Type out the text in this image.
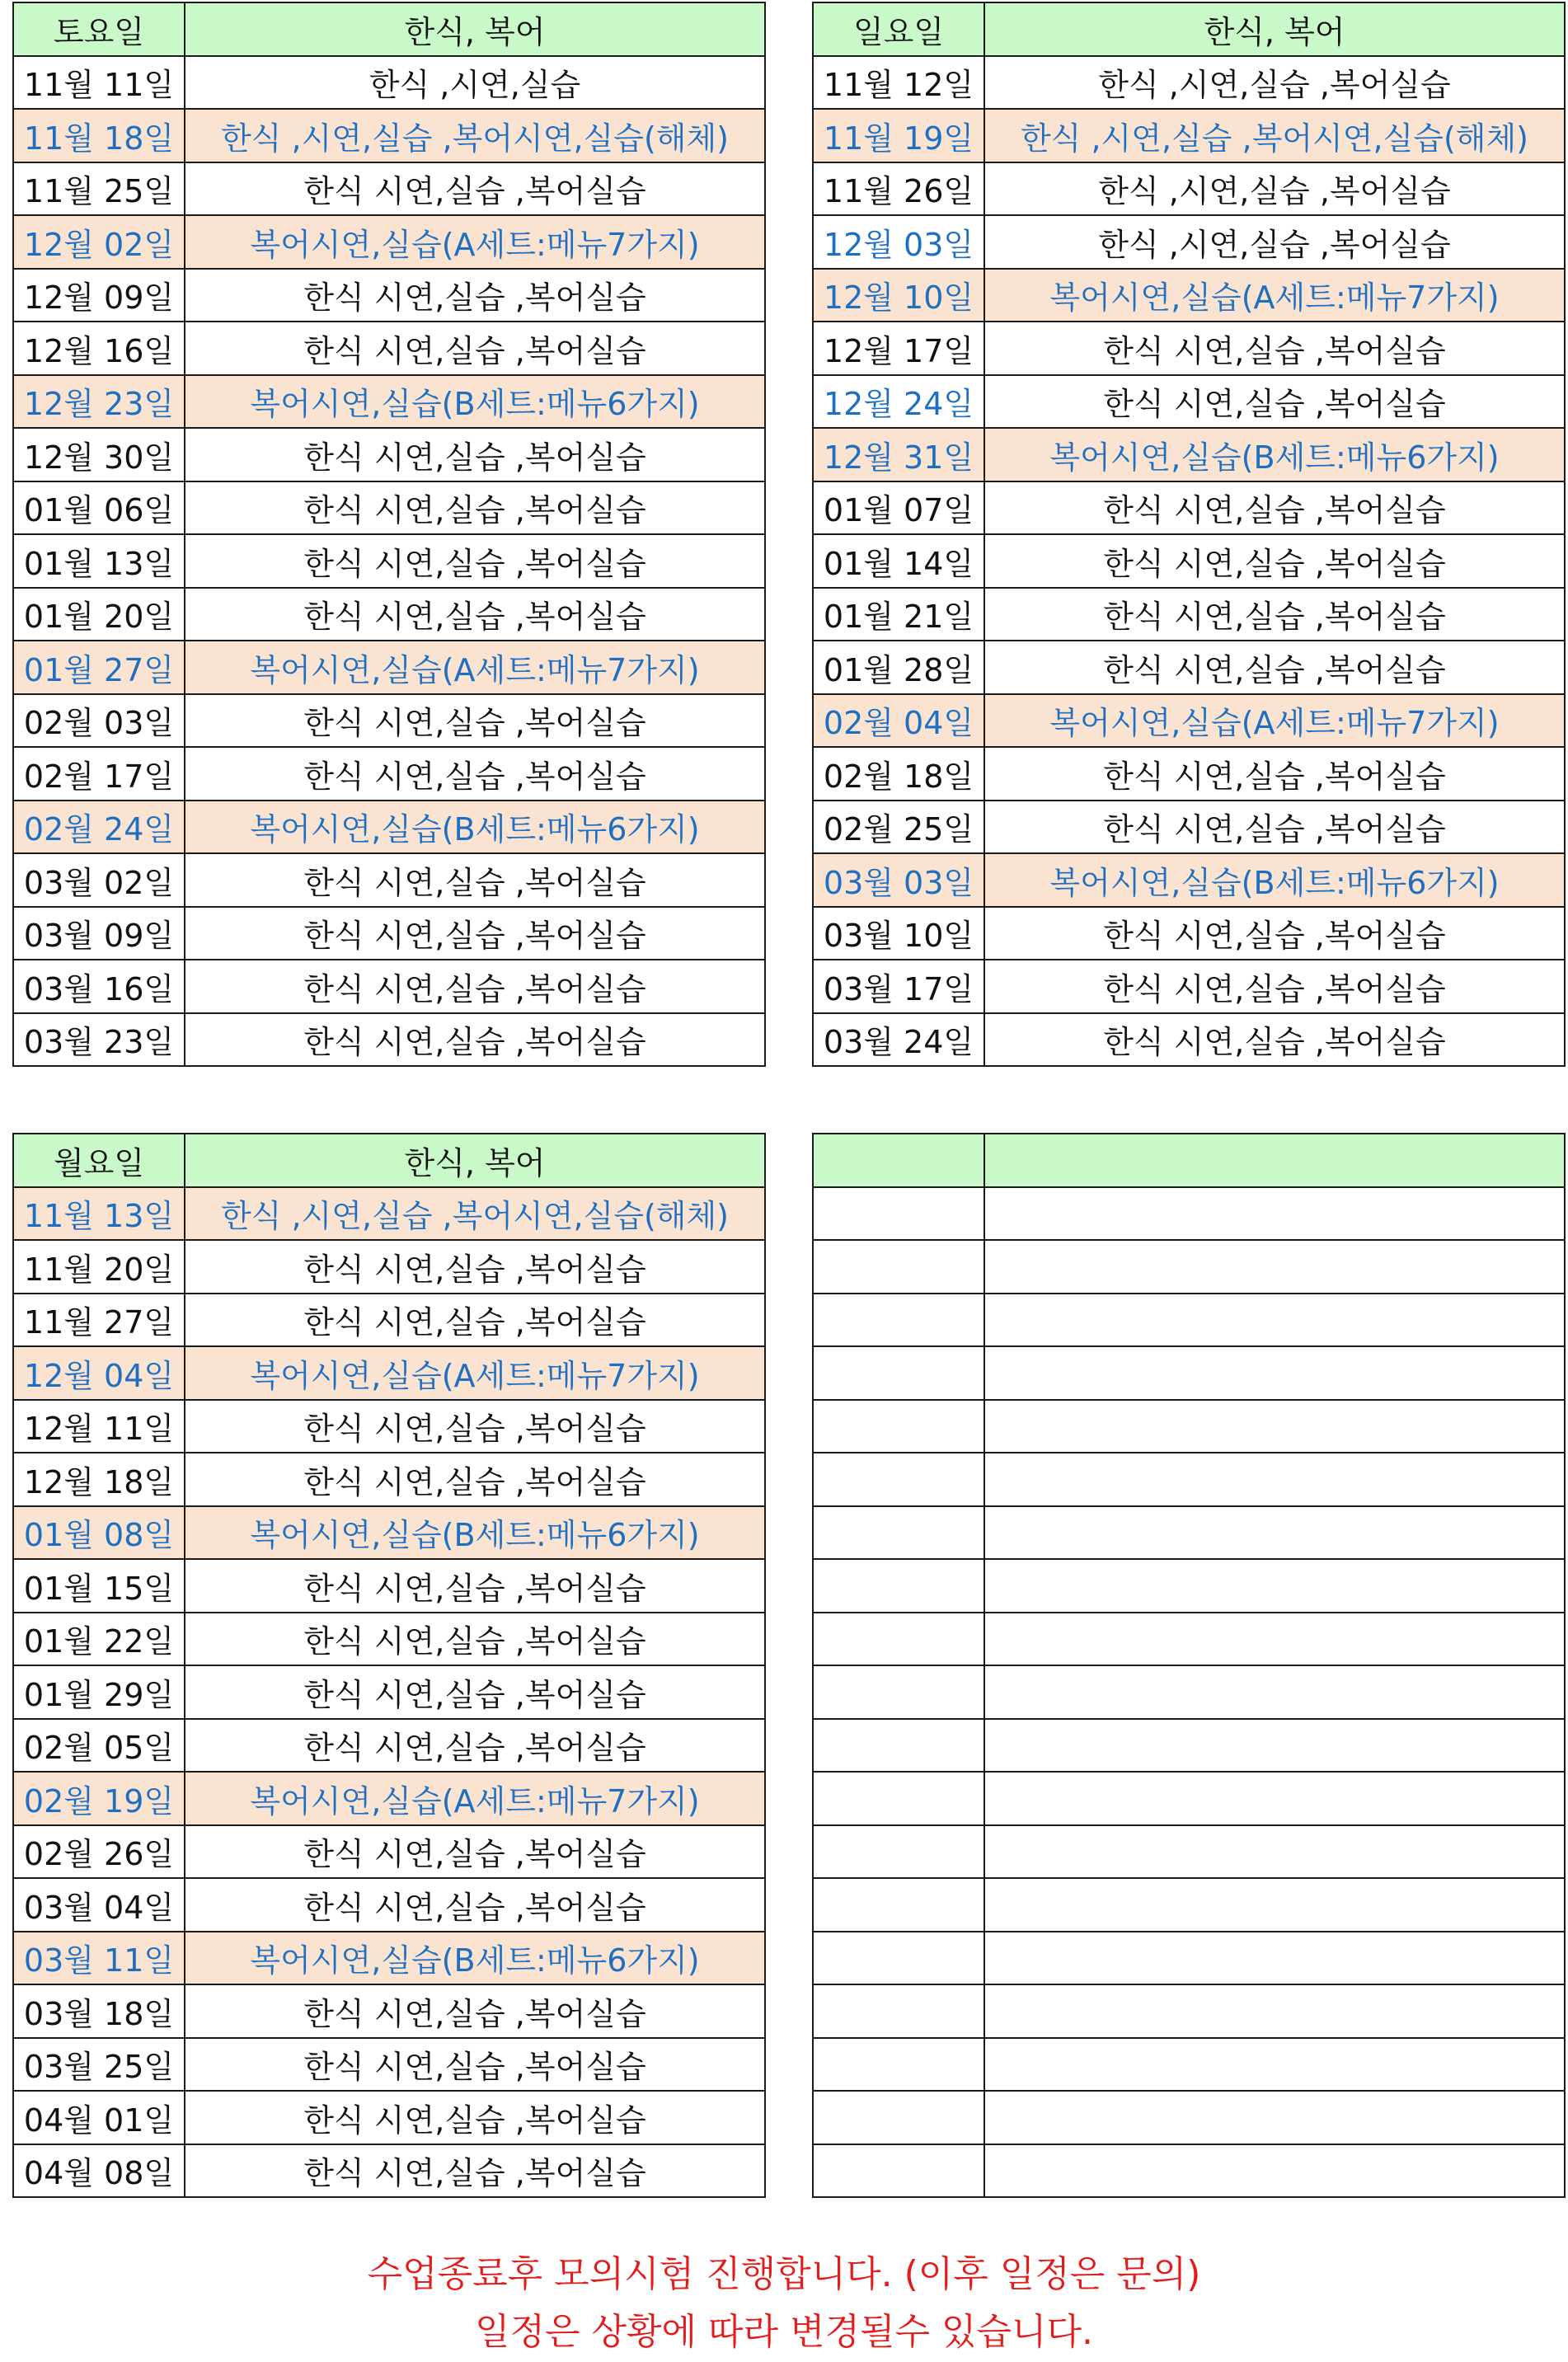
토요일	한식, 복어
11월 11일	한식 ,시연,실습
11월 18일	한식 ,시연,실습 ,복어시연,실습(해체)
11월 25일	한식 시연,실습 ,복어실습
12월 02일	복어시연,실습(A세트:메뉴7가지)
12월 09일	한식 시연,실습 ,복어실습
12월 16일	한식 시연,실습 ,복어실습
12월 23일	복어시연,실습(B세트:메뉴6가지)
12월 30일	한식 시연,실습 ,복어실습
01월 06일	한식 시연,실습 ,복어실습
01월 13일	한식 시연,실습 ,복어실습
01월 20일	한식 시연,실습 ,복어실습
01월 27일	복어시연,실습(A세트:메뉴7가지)
02월 03일	한식 시연,실습 ,복어실습
02월 17일	한식 시연,실습 ,복어실습
02월 24일	복어시연,실습(B세트:메뉴6가지)
03월 02일	한식 시연,실습 ,복어실습
03월 09일	한식 시연,실습 ,복어실습
03월 16일	한식 시연,실습 ,복어실습
03월 23일	한식 시연,실습 ,복어실습
일요일	한식, 복어
11월 12일	한식 ,시연,실습 ,복어실습
11월 19일	한식 ,시연,실습 ,복어시연,실습(해체)
11월 26일	한식 ,시연,실습 ,복어실습
12월 03일	한식 ,시연,실습 ,복어실습
12월 10일	복어시연,실습(A세트:메뉴7가지)
12월 17일	한식 시연,실습 ,복어실습
12월 24일	한식 시연,실습 ,복어실습
12월 31일	복어시연,실습(B세트:메뉴6가지)
01월 07일	한식 시연,실습 ,복어실습
01월 14일	한식 시연,실습 ,복어실습
01월 21일	한식 시연,실습 ,복어실습
01월 28일	한식 시연,실습 ,복어실습
02월 04일	복어시연,실습(A세트:메뉴7가지)
02월 18일	한식 시연,실습 ,복어실습
02월 25일	한식 시연,실습 ,복어실습
03월 03일	복어시연,실습(B세트:메뉴6가지)
03월 10일	한식 시연,실습 ,복어실습
03월 17일	한식 시연,실습 ,복어실습
03월 24일	한식 시연,실습 ,복어실습
월요일	한식, 복어
11월 13일	한식 ,시연,실습 ,복어시연,실습(해체)
11월 20일	한식 시연,실습 ,복어실습
11월 27일	한식 시연,실습 ,복어실습
12월 04일	복어시연,실습(A세트:메뉴7가지)
12월 11일	한식 시연,실습 ,복어실습
12월 18일	한식 시연,실습 ,복어실습
01월 08일	복어시연,실습(B세트:메뉴6가지)
01월 15일	한식 시연,실습 ,복어실습
01월 22일	한식 시연,실습 ,복어실습
01월 29일	한식 시연,실습 ,복어실습
02월 05일	한식 시연,실습 ,복어실습
02월 19일	복어시연,실습(A세트:메뉴7가지)
02월 26일	한식 시연,실습 ,복어실습
03월 04일	한식 시연,실습 ,복어실습
03월 11일	복어시연,실습(B세트:메뉴6가지)
03월 18일	한식 시연,실습 ,복어실습
03월 25일	한식 시연,실습 ,복어실습
04월 01일	한식 시연,실습 ,복어실습
04월 08일	한식 시연,실습 ,복어실습

수업종료후 모의시험 진행합니다. (이후 일정은 문의)
일정은 상황에 따라 변경될수 있습니다.
